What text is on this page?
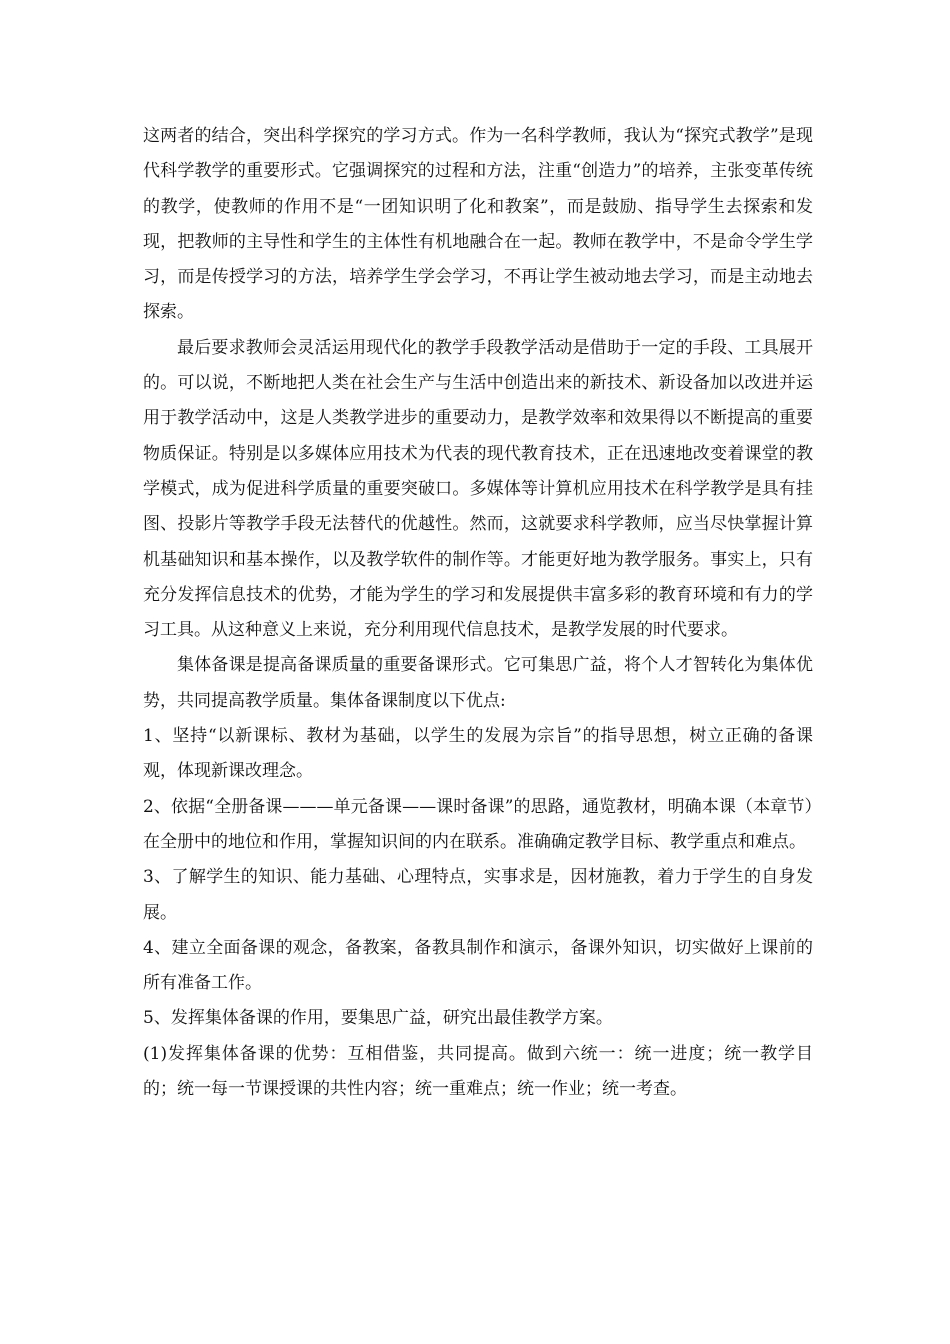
这两者的结合，突出科学探究的学习方式。作为一名科学教师，我认为“探究式教学”是现代科学教学的重要形式。它强调探究的过程和方法，注重“创造力”的培养，主张变革传统的教学，使教师的作用不是“一团知识明了化和教案”，而是鼓励、指导学生去探索和发现，把教师的主导性和学生的主体性有机地融合在一起。教师在教学中，不是命令学生学习，而是传授学习的方法，培养学生学会学习，不再让学生被动地去学习，而是主动地去探索。

最后要求教师会灵活运用现代化的教学手段教学活动是借助于一定的手段、工具展开的。可以说，不断地把人类在社会生产与生活中创造出来的新技术、新设备加以改进并运用于教学活动中，这是人类教学进步的重要动力，是教学效率和效果得以不断提高的重要物质保证。特别是以多媒体应用技术为代表的现代教育技术，正在迅速地改变着课堂的教学模式，成为促进科学质量的重要突破口。多媒体等计算机应用技术在科学教学是具有挂图、投影片等教学手段无法替代的优越性。然而，这就要求科学教师，应当尽快掌握计算机基础知识和基本操作，以及教学软件的制作等。才能更好地为教学服务。事实上，只有充分发挥信息技术的优势，才能为学生的学习和发展提供丰富多彩的教育环境和有力的学习工具。从这种意义上来说，充分利用现代信息技术，是教学发展的时代要求。

集体备课是提高备课质量的重要备课形式。它可集思广益，将个人才智转化为集体优势，共同提高教学质量。集体备课制度以下优点:

1、坚持“以新课标、教材为基础，以学生的发展为宗旨”的指导思想，树立正确的备课观，体现新课改理念。

2、依据“全册备课———单元备课——课时备课”的思路，通览教材，明确本课（本章节）在全册中的地位和作用，掌握知识间的内在联系。准确确定教学目标、教学重点和难点。

3、了解学生的知识、能力基础、心理特点，实事求是，因材施教，着力于学生的自身发展。

4、建立全面备课的观念，备教案，备教具制作和演示，备课外知识，切实做好上课前的所有准备工作。

5、发挥集体备课的作用，要集思广益，研究出最佳教学方案。

(1)发挥集体备课的优势：互相借鉴，共同提高。做到六统一：统一进度；统一教学目的；统一每一节课授课的共性内容；统一重难点；统一作业；统一考查。
